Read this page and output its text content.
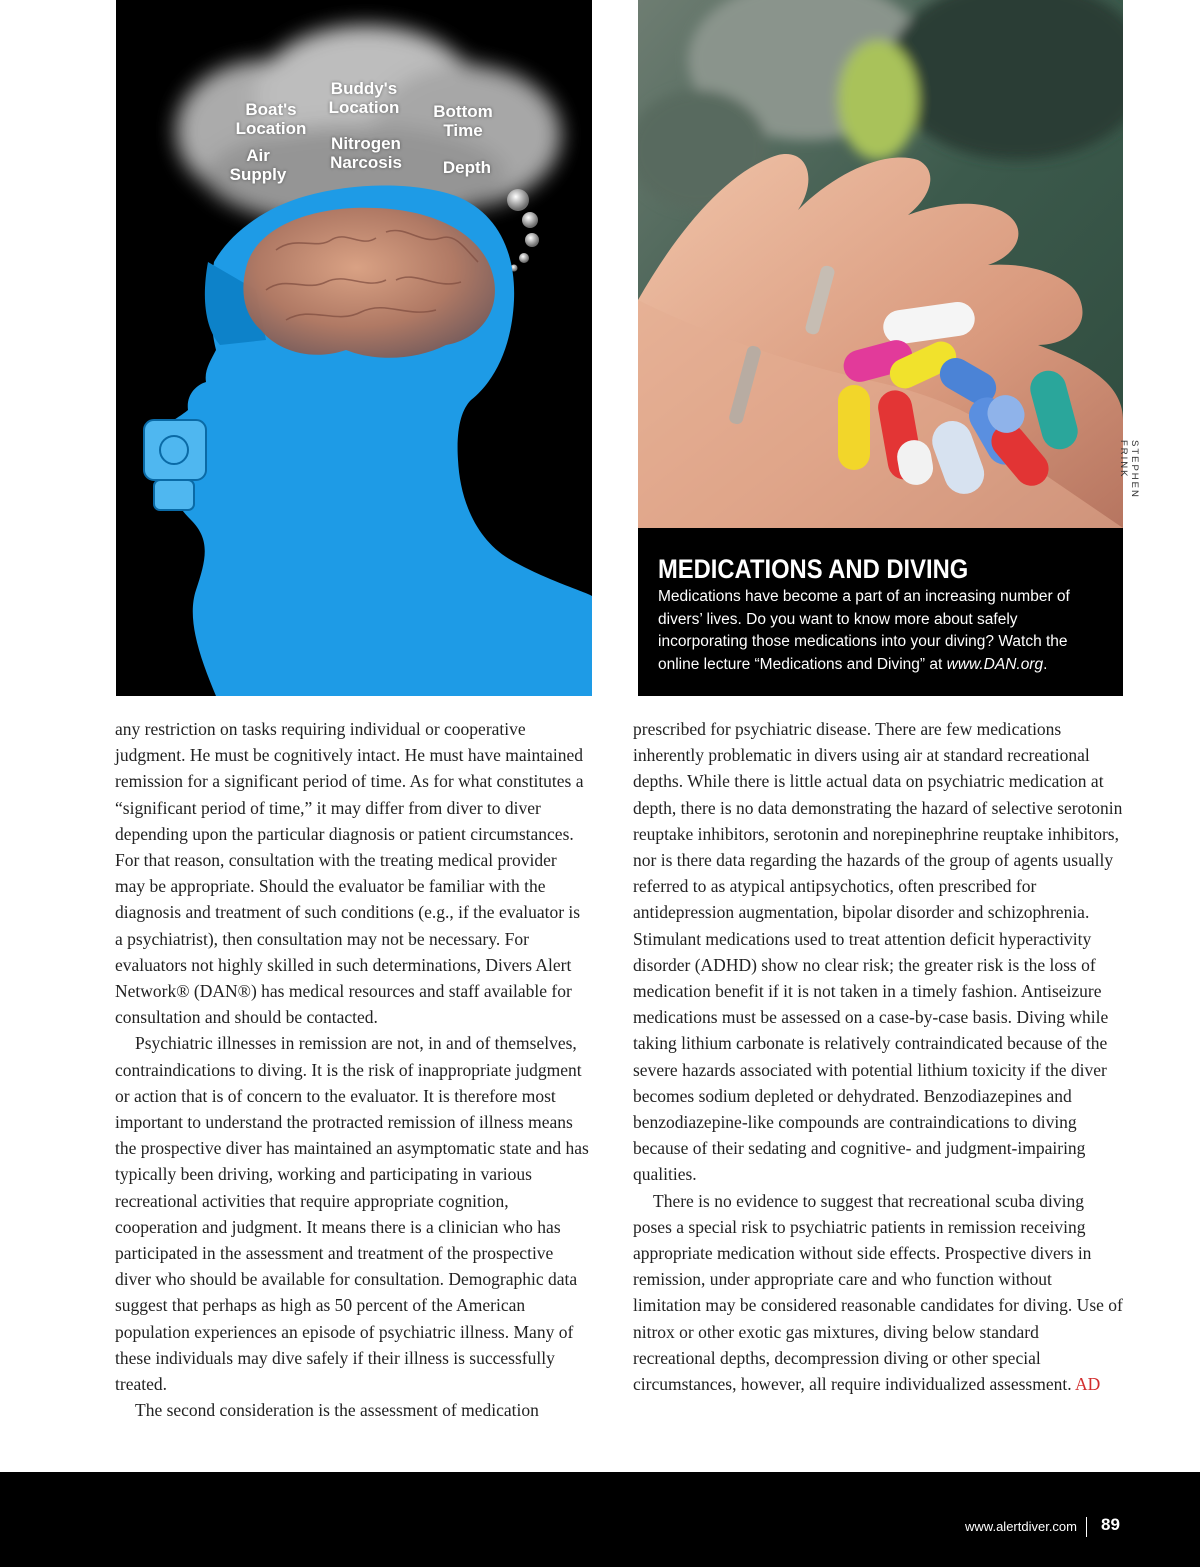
Boat's
Location
Buddy's
Location	Bottom
Time
Air
Supply
Nitrogen
Narcosis	Depth
STEPHEN FRINK
MEDICATIONS AND DIVING

Medications have become a part of an increasing number of divers’ lives. Do you want to know more about safely incorporating those medications into your diving? Watch the online lecture “Medications and Diving” at www.DAN.org.

any restriction on tasks requiring individual or cooperative judgment. He must be cognitively intact. He must have maintained remission for a significant period of time. As for what constitutes a “significant period of time,” it may differ from diver to diver depending upon the particular diagnosis or patient circumstances. For that reason, consultation with the treating medical provider may be appropriate. Should the evaluator be familiar with the diagnosis and treatment of such conditions (e.g., if the evaluator is a psychiatrist), then consultation may not be necessary. For evaluators not highly skilled in such determinations, Divers Alert Network® (DAN®) has medical resources and staff available for consultation and should be contacted.

Psychiatric illnesses in remission are not, in and of themselves, contraindications to diving. It is the risk of inappropriate judgment or action that is of concern to the evaluator. It is therefore most important to understand the protracted remission of illness means the prospective diver has maintained an asymptomatic state and has typically been driving, working and participating in various recreational activities that require appropriate cognition, cooperation and judgment. It means there is a clinician who has participated in the assessment and treatment of the prospective diver who should be available for consultation. Demographic data suggest that perhaps as high as 50 percent of the American population experiences an episode of psychiatric illness. Many of these individuals may dive safely if their illness is successfully treated.

The second consideration is the assessment of medication

prescribed for psychiatric disease. There are few medications inherently problematic in divers using air at standard recreational depths. While there is little actual data on psychiatric medication at depth, there is no data demonstrating the hazard of selective serotonin reuptake inhibitors, serotonin and norepinephrine reuptake inhibitors, nor is there data regarding the hazards of the group of agents usually referred to as atypical antipsychotics, often prescribed for antidepression augmentation, bipolar disorder and schizophrenia. Stimulant medications used to treat attention deficit hyperactivity disorder (ADHD) show no clear risk; the greater risk is the loss of medication benefit if it is not taken in a timely fashion. Antiseizure medications must be assessed on a case-by-case basis. Diving while taking lithium carbonate is relatively contraindicated because of the severe hazards associated with potential lithium toxicity if the diver becomes sodium depleted or dehydrated. Benzodiazepines and benzodiazepine-like compounds are contraindications to diving because of their sedating and cognitive- and judgment-impairing qualities.

There is no evidence to suggest that recreational scuba diving poses a special risk to psychiatric patients in remission receiving appropriate medication without side effects. Prospective divers in remission, under appropriate care and who function without limitation may be considered reasonable candidates for diving. Use of nitrox or other exotic gas mixtures, diving below standard recreational depths, decompression diving or other special circumstances, however, all require individualized assessment. AD

www.alertdiver.com 89
